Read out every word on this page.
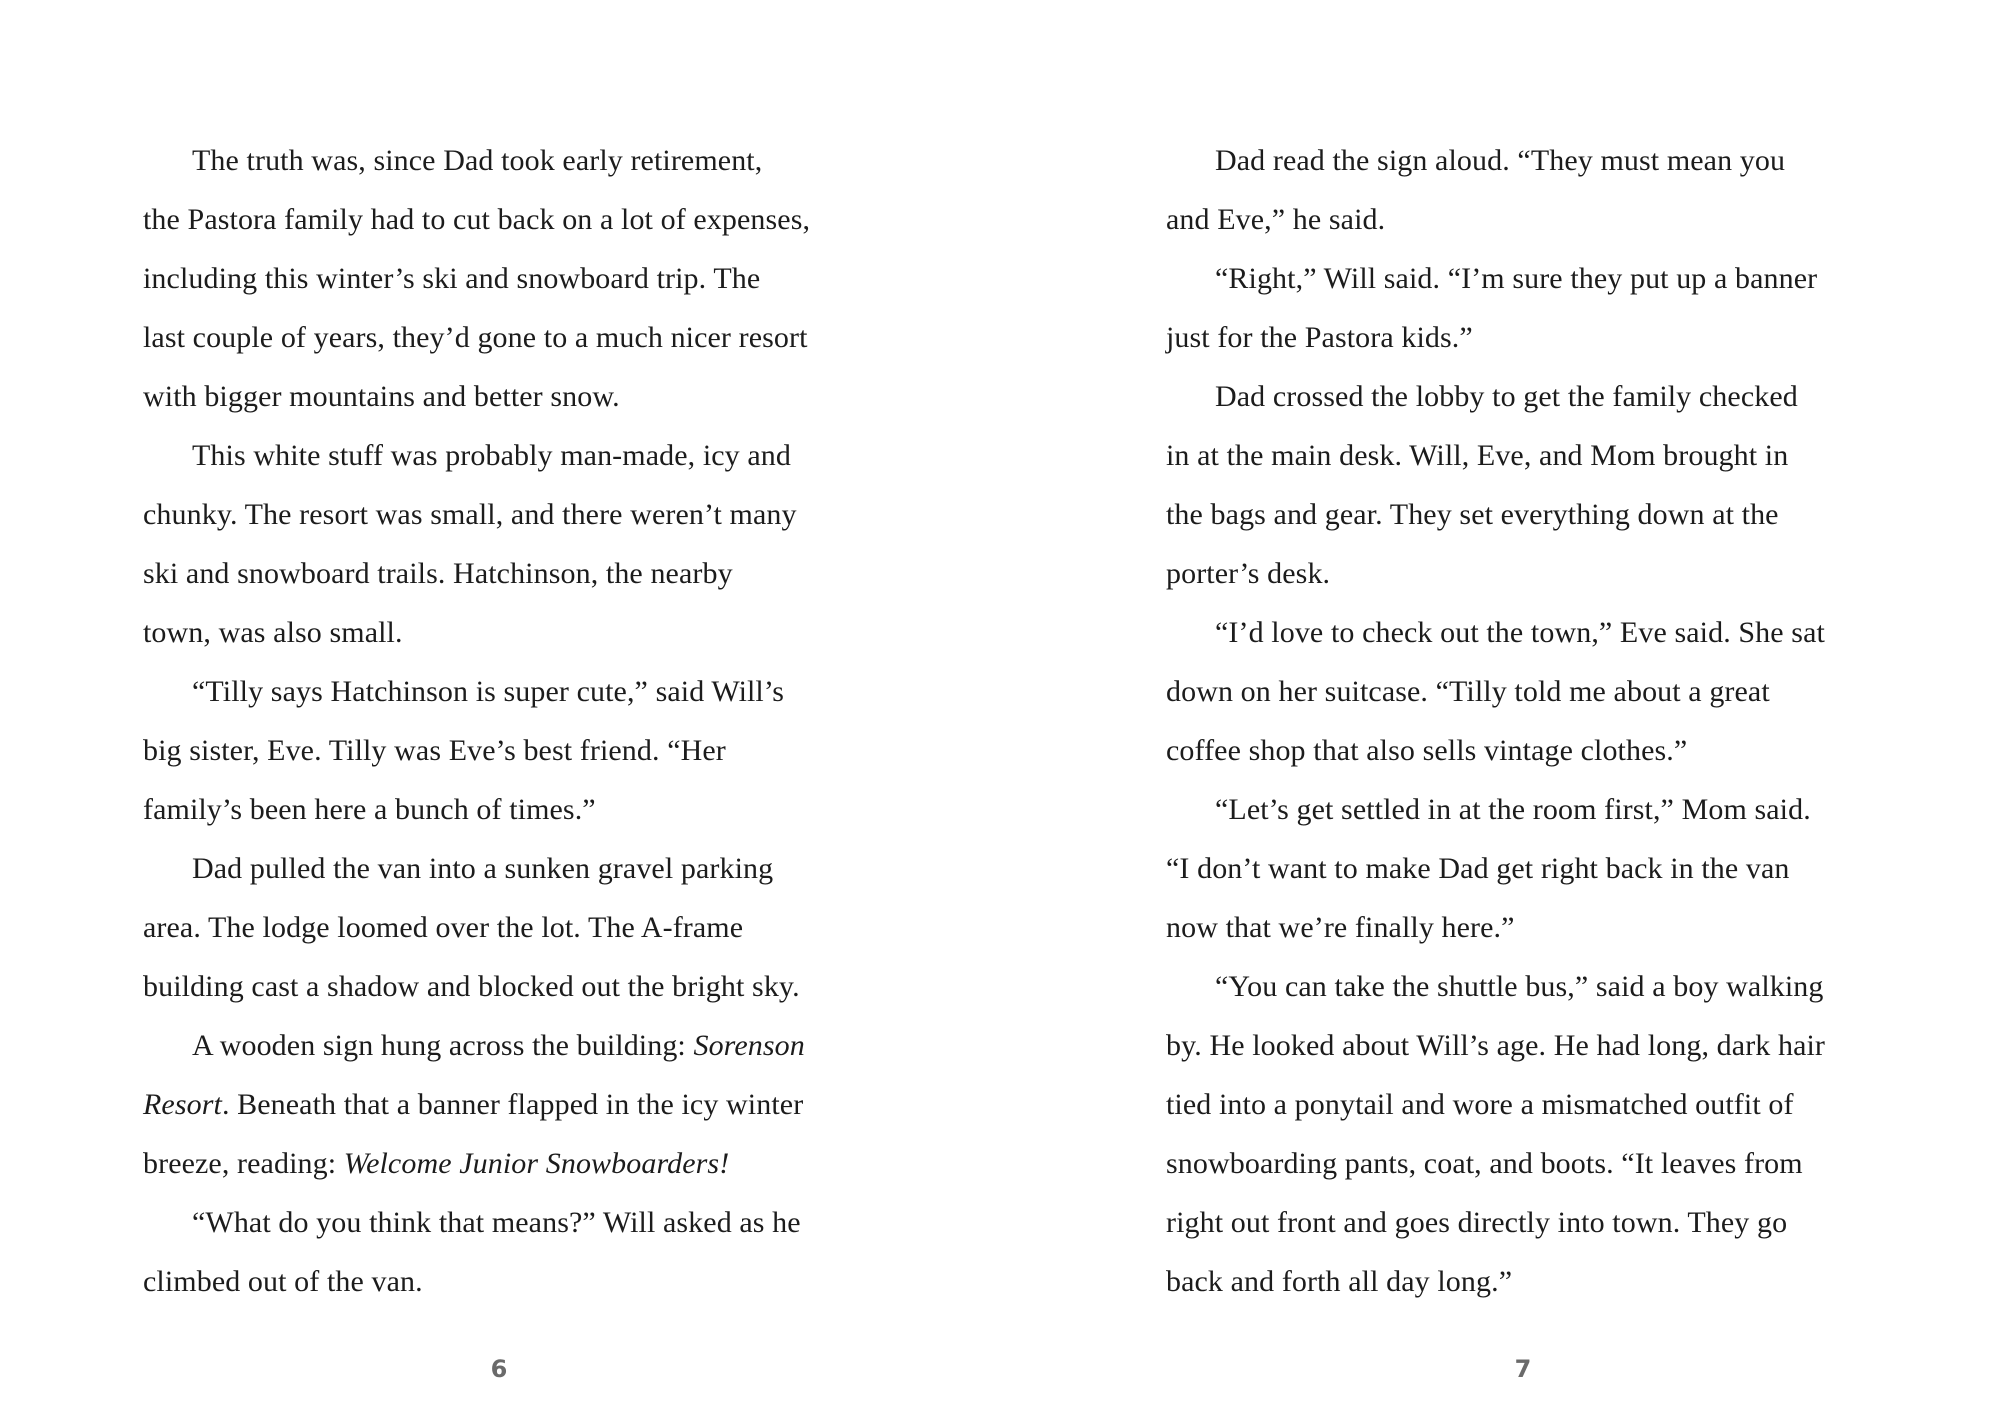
The truth was, since Dad took early retirement,
the Pastora family had to cut back on a lot of expenses,
including this winter’s ski and snowboard trip. The
last couple of years, they’d gone to a much nicer resort
with bigger mountains and better snow.
This white stuff was probably man-made, icy and
chunky. The resort was small, and there weren’t many
ski and snowboard trails. Hatchinson, the nearby
town, was also small.
“Tilly says Hatchinson is super cute,” said Will’s
big sister, Eve. Tilly was Eve’s best friend. “Her
family’s been here a bunch of times.”
Dad pulled the van into a sunken gravel parking
area. The lodge loomed over the lot. The A-frame
building cast a shadow and blocked out the bright sky.
A wooden sign hung across the building: Sorenson
Resort. Beneath that a banner flapped in the icy winter
breeze, reading: Welcome Junior Snowboarders!
“What do you think that means?” Will asked as he
climbed out of the van.
6
Dad read the sign aloud. “They must mean you
and Eve,” he said.
“Right,” Will said. “I’m sure they put up a banner
just for the Pastora kids.”
Dad crossed the lobby to get the family checked
in at the main desk. Will, Eve, and Mom brought in
the bags and gear. They set everything down at the
porter’s desk.
“I’d love to check out the town,” Eve said. She sat
down on her suitcase. “Tilly told me about a great
coffee shop that also sells vintage clothes.”
“Let’s get settled in at the room first,” Mom said.
“I don’t want to make Dad get right back in the van
now that we’re finally here.”
“You can take the shuttle bus,” said a boy walking
by. He looked about Will’s age. He had long, dark hair
tied into a ponytail and wore a mismatched outfit of
snowboarding pants, coat, and boots. “It leaves from
right out front and goes directly into town. They go
back and forth all day long.”
7
